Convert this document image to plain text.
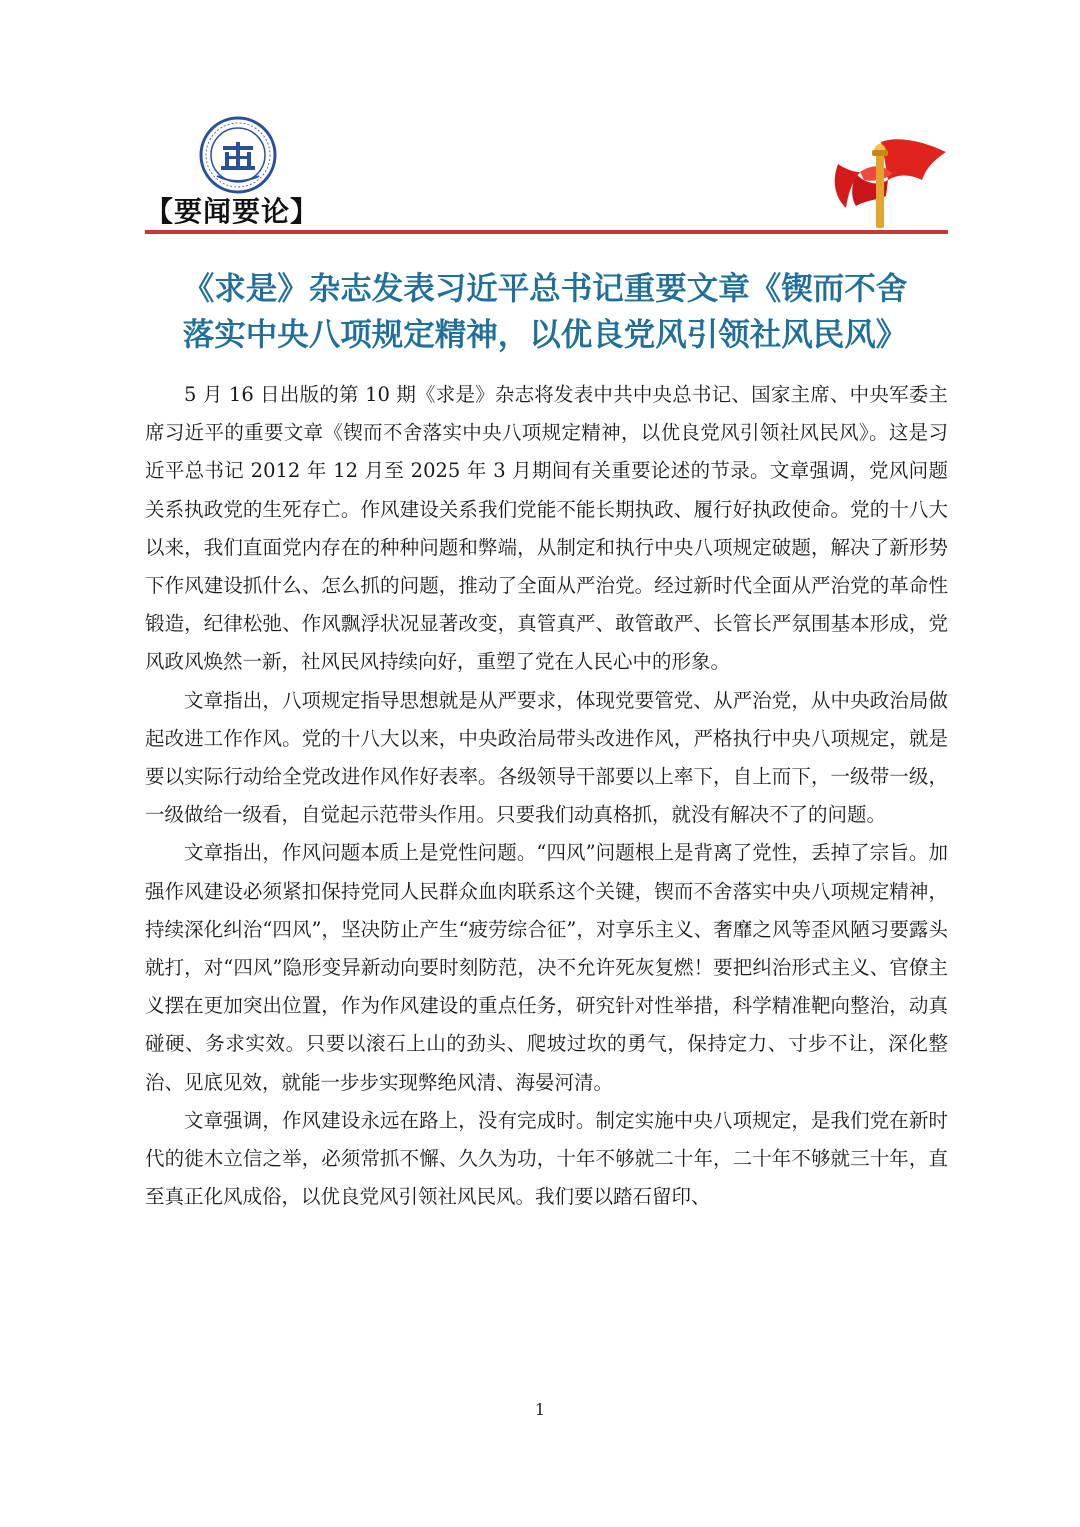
【要闻要论】
《求是》杂志发表习近平总书记重要文章《锲而不舍
落实中央八项规定精神，以优良党风引领社风民风》

5 月 16 日出版的第 10 期《求是》杂志将发表中共中央总书记、国家主席、中央军委主席习近平的重要文章《锲而不舍落实中央八项规定精神，以优良党风引领社风民风》。这是习近平总书记 2012 年 12 月至 2025 年 3 月期间有关重要论述的节录。文章强调，党风问题关系执政党的生死存亡。作风建设关系我们党能不能长期执政、履行好执政使命。党的十八大以来，我们直面党内存在的种种问题和弊端，从制定和执行中央八项规定破题，解决了新形势下作风建设抓什么、怎么抓的问题，推动了全面从严治党。经过新时代全面从严治党的革命性锻造，纪律松弛、作风飘浮状况显著改变，真管真严、敢管敢严、长管长严氛围基本形成，党风政风焕然一新，社风民风持续向好，重塑了党在人民心中的形象。

文章指出，八项规定指导思想就是从严要求，体现党要管党、从严治党，从中央政治局做起改进工作作风。党的十八大以来，中央政治局带头改进作风，严格执行中央八项规定，就是要以实际行动给全党改进作风作好表率。各级领导干部要以上率下，自上而下，一级带一级，一级做给一级看，自觉起示范带头作用。只要我们动真格抓，就没有解决不了的问题。

文章指出，作风问题本质上是党性问题。“四风”问题根上是背离了党性，丢掉了宗旨。加强作风建设必须紧扣保持党同人民群众血肉联系这个关键，锲而不舍落实中央八项规定精神，持续深化纠治“四风”，坚决防止产生“疲劳综合征”，对享乐主义、奢靡之风等歪风陋习要露头就打，对“四风”隐形变异新动向要时刻防范，决不允许死灰复燃！要把纠治形式主义、官僚主义摆在更加突出位置，作为作风建设的重点任务，研究针对性举措，科学精准靶向整治，动真碰硬、务求实效。只要以滚石上山的劲头、爬坡过坎的勇气，保持定力、寸步不让，深化整治、见底见效，就能一步步实现弊绝风清、海晏河清。

文章强调，作风建设永远在路上，没有完成时。制定实施中央八项规定，是我们党在新时代的徙木立信之举，必须常抓不懈、久久为功，十年不够就二十年，二十年不够就三十年，直至真正化风成俗，以优良党风引领社风民风。我们要以踏石留印、

1
